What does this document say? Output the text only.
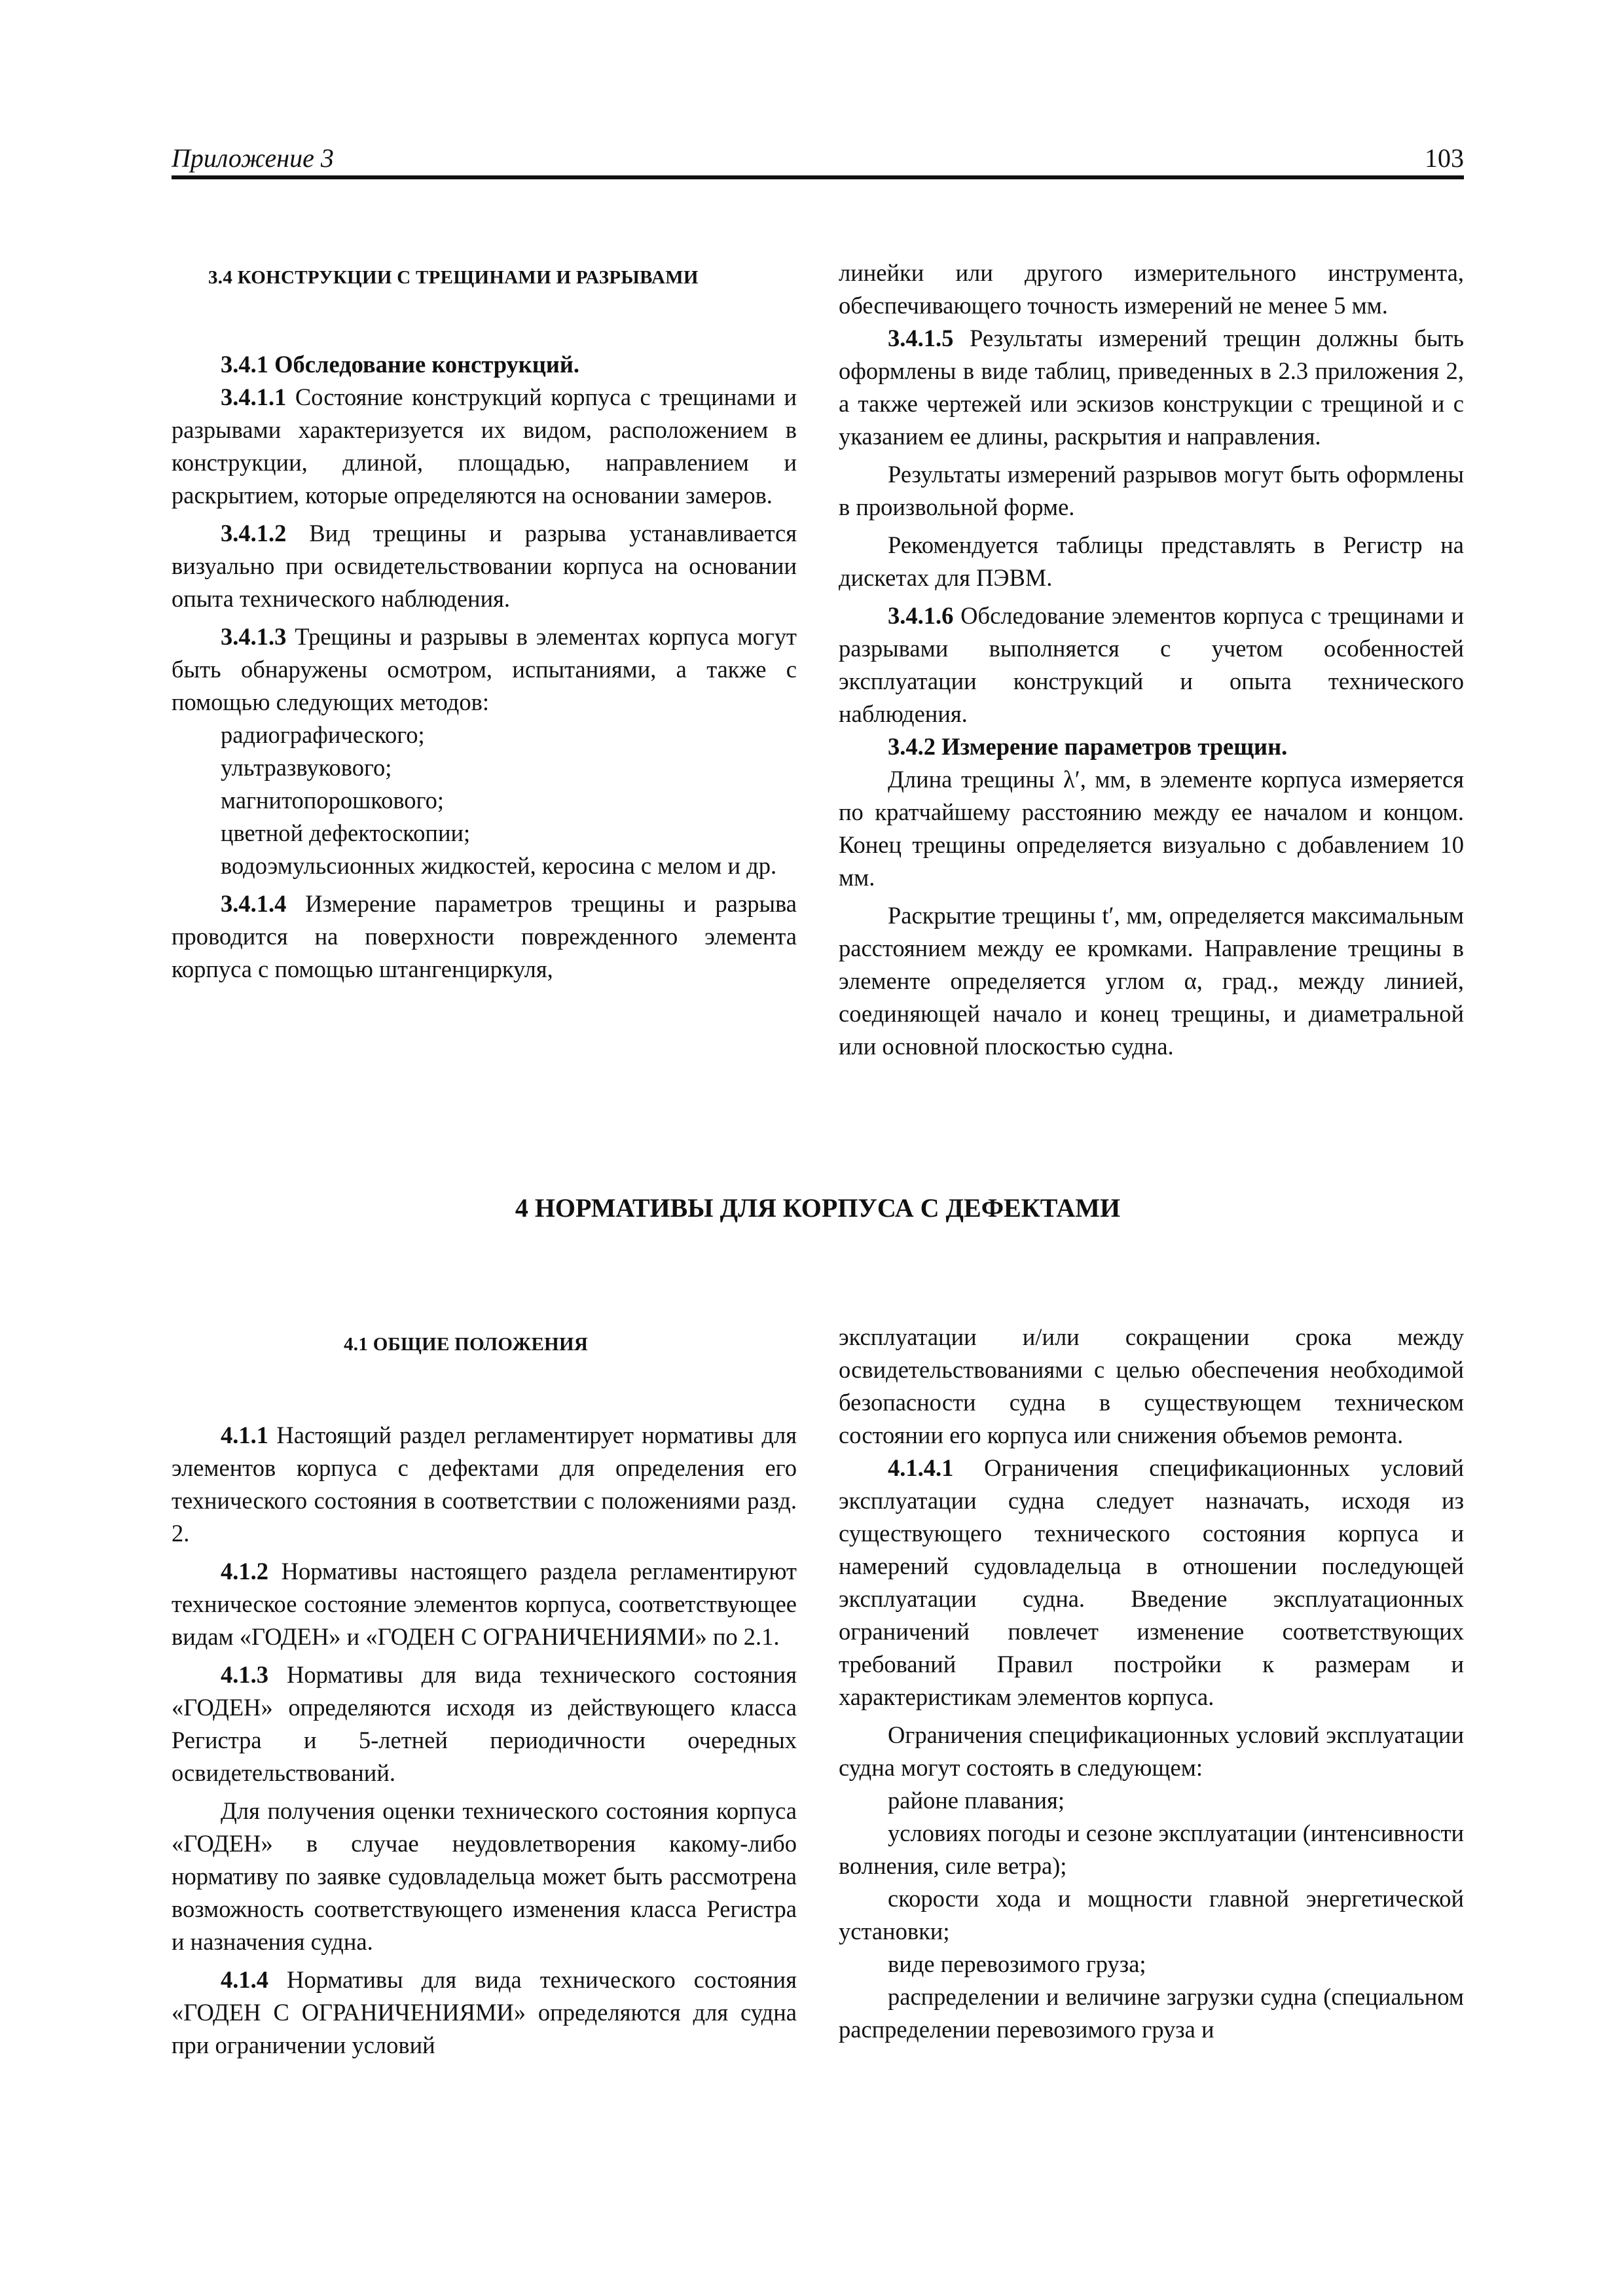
Приложение 3	103
3.4 КОНСТРУКЦИИ С ТРЕЩИНАМИ И РАЗРЫВАМИ

3.4.1 Обследование конструкций.

3.4.1.1 Состояние конструкций корпуса с трещинами и разрывами характеризуется их видом, расположением в конструкции, длиной, площадью, направлением и раскрытием, которые определяются на основании замеров.

3.4.1.2 Вид трещины и разрыва устанавливается визуально при освидетельствовании корпуса на основании опыта технического наблюдения.

3.4.1.3 Трещины и разрывы в элементах корпуса могут быть обнаружены осмотром, испытаниями, а также с помощью следующих методов:

радиографического;

ультразвукового;

магнитопорошкового;

цветной дефектоскопии;

водоэмульсионных жидкостей, керосина с мелом и др.

3.4.1.4 Измерение параметров трещины и разрыва проводится на поверхности поврежденного элемента корпуса с помощью штангенциркуля,

линейки или другого измерительного инструмента, обеспечивающего точность измерений не менее 5 мм.

3.4.1.5 Результаты измерений трещин должны быть оформлены в виде таблиц, приведенных в 2.3 приложения 2, а также чертежей или эскизов конструкции с трещиной и с указанием ее длины, раскрытия и направления.

Результаты измерений разрывов могут быть оформлены в произвольной форме.

Рекомендуется таблицы представлять в Регистр на дискетах для ПЭВМ.

3.4.1.6 Обследование элементов корпуса с трещинами и разрывами выполняется с учетом особенностей эксплуатации конструкций и опыта технического наблюдения.

3.4.2 Измерение параметров трещин.

Длина трещины λ′, мм, в элементе корпуса измеряется по кратчайшему расстоянию между ее началом и концом. Конец трещины определяется визуально с добавлением 10 мм.

Раскрытие трещины t′, мм, определяется максимальным расстоянием между ее кромками. Направление трещины в элементе определяется углом α, град., между линией, соединяющей начало и конец трещины, и диаметральной или основной плоскостью судна.

4 НОРМАТИВЫ ДЛЯ КОРПУСА С ДЕФЕКТАМИ
4.1 ОБЩИЕ ПОЛОЖЕНИЯ

4.1.1 Настоящий раздел регламентирует нормативы для элементов корпуса с дефектами для определения его технического состояния в соответствии с положениями разд. 2.

4.1.2 Нормативы настоящего раздела регламентируют техническое состояние элементов корпуса, соответствующее видам «ГОДЕН» и «ГОДЕН С ОГРАНИЧЕНИЯМИ» по 2.1.

4.1.3 Нормативы для вида технического состояния «ГОДЕН» определяются исходя из действующего класса Регистра и 5-летней периодичности очередных освидетельствований.

Для получения оценки технического состояния корпуса «ГОДЕН» в случае неудовлетворения какому-либо нормативу по заявке судовладельца может быть рассмотрена возможность соответствующего изменения класса Регистра и назначения судна.

4.1.4 Нормативы для вида технического состояния «ГОДЕН С ОГРАНИЧЕНИЯМИ» определяются для судна при ограничении условий

эксплуатации и/или сокращении срока между освидетельствованиями с целью обеспечения необходимой безопасности судна в существующем техническом состоянии его корпуса или снижения объемов ремонта.

4.1.4.1 Ограничения спецификационных условий эксплуатации судна следует назначать, исходя из существующего технического состояния корпуса и намерений судовладельца в отношении последующей эксплуатации судна. Введение эксплуатационных ограничений повлечет изменение соответствующих требований Правил постройки к размерам и характеристикам элементов корпуса.

Ограничения спецификационных условий эксплуатации судна могут состоять в следующем:

районе плавания;

условиях погоды и сезоне эксплуатации (интенсивности волнения, силе ветра);

скорости хода и мощности главной энергетической установки;

виде перевозимого груза;

распределении и величине загрузки судна (специальном распределении перевозимого груза и
